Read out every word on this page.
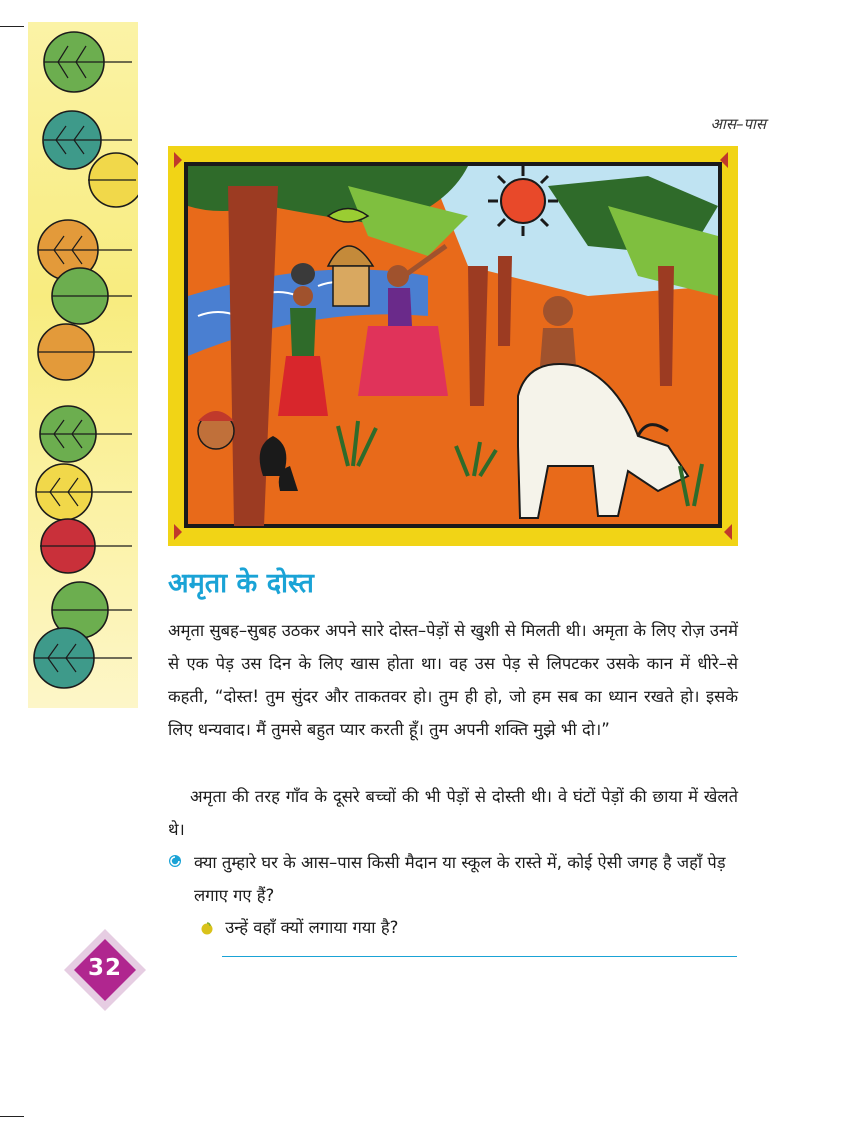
आस–पास
अमृता के दोस्त

अमृता सुबह–सुबह उठकर अपने सारे दोस्त–पेड़ों से खुशी से मिलती थी। अमृता के लिए रोज़ उनमें से एक पेड़ उस दिन के लिए खास होता था। वह उस पेड़ से लिपटकर उसके कान में धीरे–से कहती, “दोस्त! तुम सुंदर और ताकतवर हो। तुम ही हो, जो हम सब का ध्यान रखते हो। इसके लिए धन्यवाद। मैं तुमसे बहुत प्यार करती हूँ। तुम अपनी शक्ति मुझे भी दो।”

अमृता की तरह गाँव के दूसरे बच्चों की भी पेड़ों से दोस्ती थी। वे घंटों पेड़ों की छाया में खेलते थे।

क्या तुम्हारे घर के आस–पास किसी मैदान या स्कूल के रास्ते में, कोई ऐसी जगह है जहाँ पेड़ लगाए गए हैं?
उन्हें वहाँ क्यों लगाया गया है?
32
